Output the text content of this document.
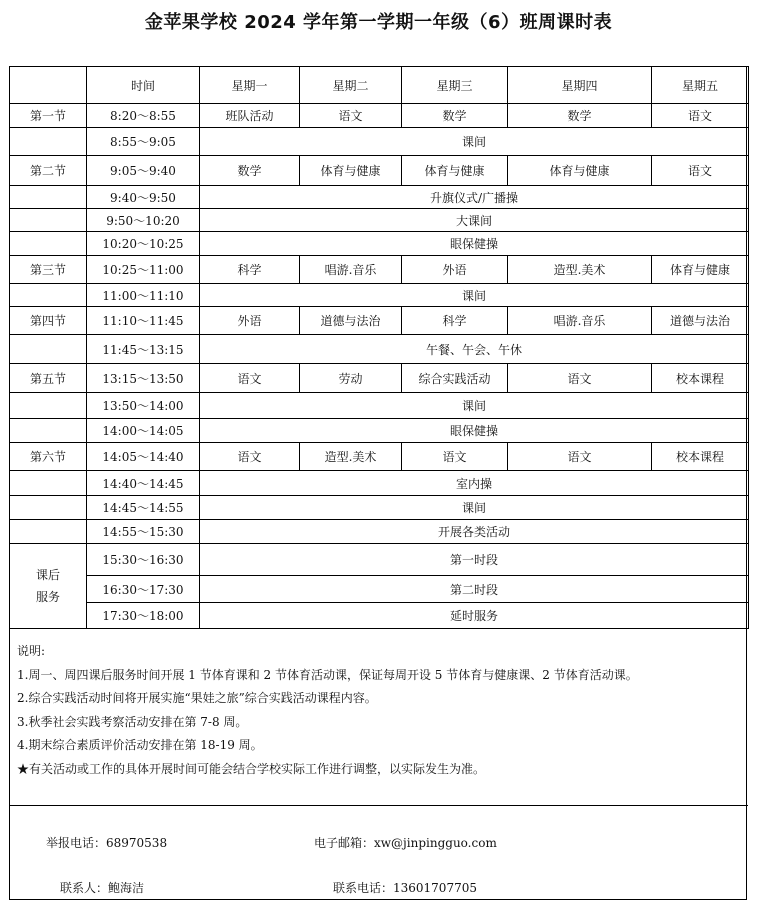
金苹果学校 2024 学年第一学期一年级（6）班周课时表
	时间	星期一	星期二	星期三	星期四	星期五
第一节	8:20～8:55	班队活动	语文	数学	数学	语文
	8:55～9:05	课间				
第二节	9:05～9:40	数学	体育与健康	体育与健康	体育与健康	语文
	9:40～9:50	升旗仪式/广播操				
	9:50～10:20	大课间				
	10:20～10:25	眼保健操				
第三节	10:25～11:00	科学	唱游.音乐	外语	造型.美术	体育与健康
	11:00～11:10	课间				
第四节	11:10～11:45	外语	道德与法治	科学	唱游.音乐	道德与法治
	11:45～13:15	午餐、午会、午休				
第五节	13:15～13:50	语文	劳动	综合实践活动	语文	校本课程
	13:50～14:00	课间				
	14:00～14:05	眼保健操				
第六节	14:05～14:40	语文	造型.美术	语文	语文	校本课程
	14:40～14:45	室内操				
	14:45～14:55	课间				
	14:55～15:30	开展各类活动				

课后
服务	15:30～16:30	第一时段				
	16:30～17:30	第二时段				
	17:30～18:00	延时服务				
说明:
1.周一、周四课后服务时间开展 1 节体育课和 2 节体育活动课，保证每周开设 5 节体育与健康课、2 节体育活动课。
2.综合实践活动时间将开展实施“果娃之旅”综合实践活动课程内容。
3.秋季社会实践考察活动安排在第 7-8 周。
4.期末综合素质评价活动安排在第 18-19 周。
★有关活动或工作的具体开展时间可能会结合学校实际工作进行调整，以实际发生为准。
举报电话：68970538	电子邮箱：xw@jinpingguo.com
联系人：鲍海洁	联系电话：13601707705
